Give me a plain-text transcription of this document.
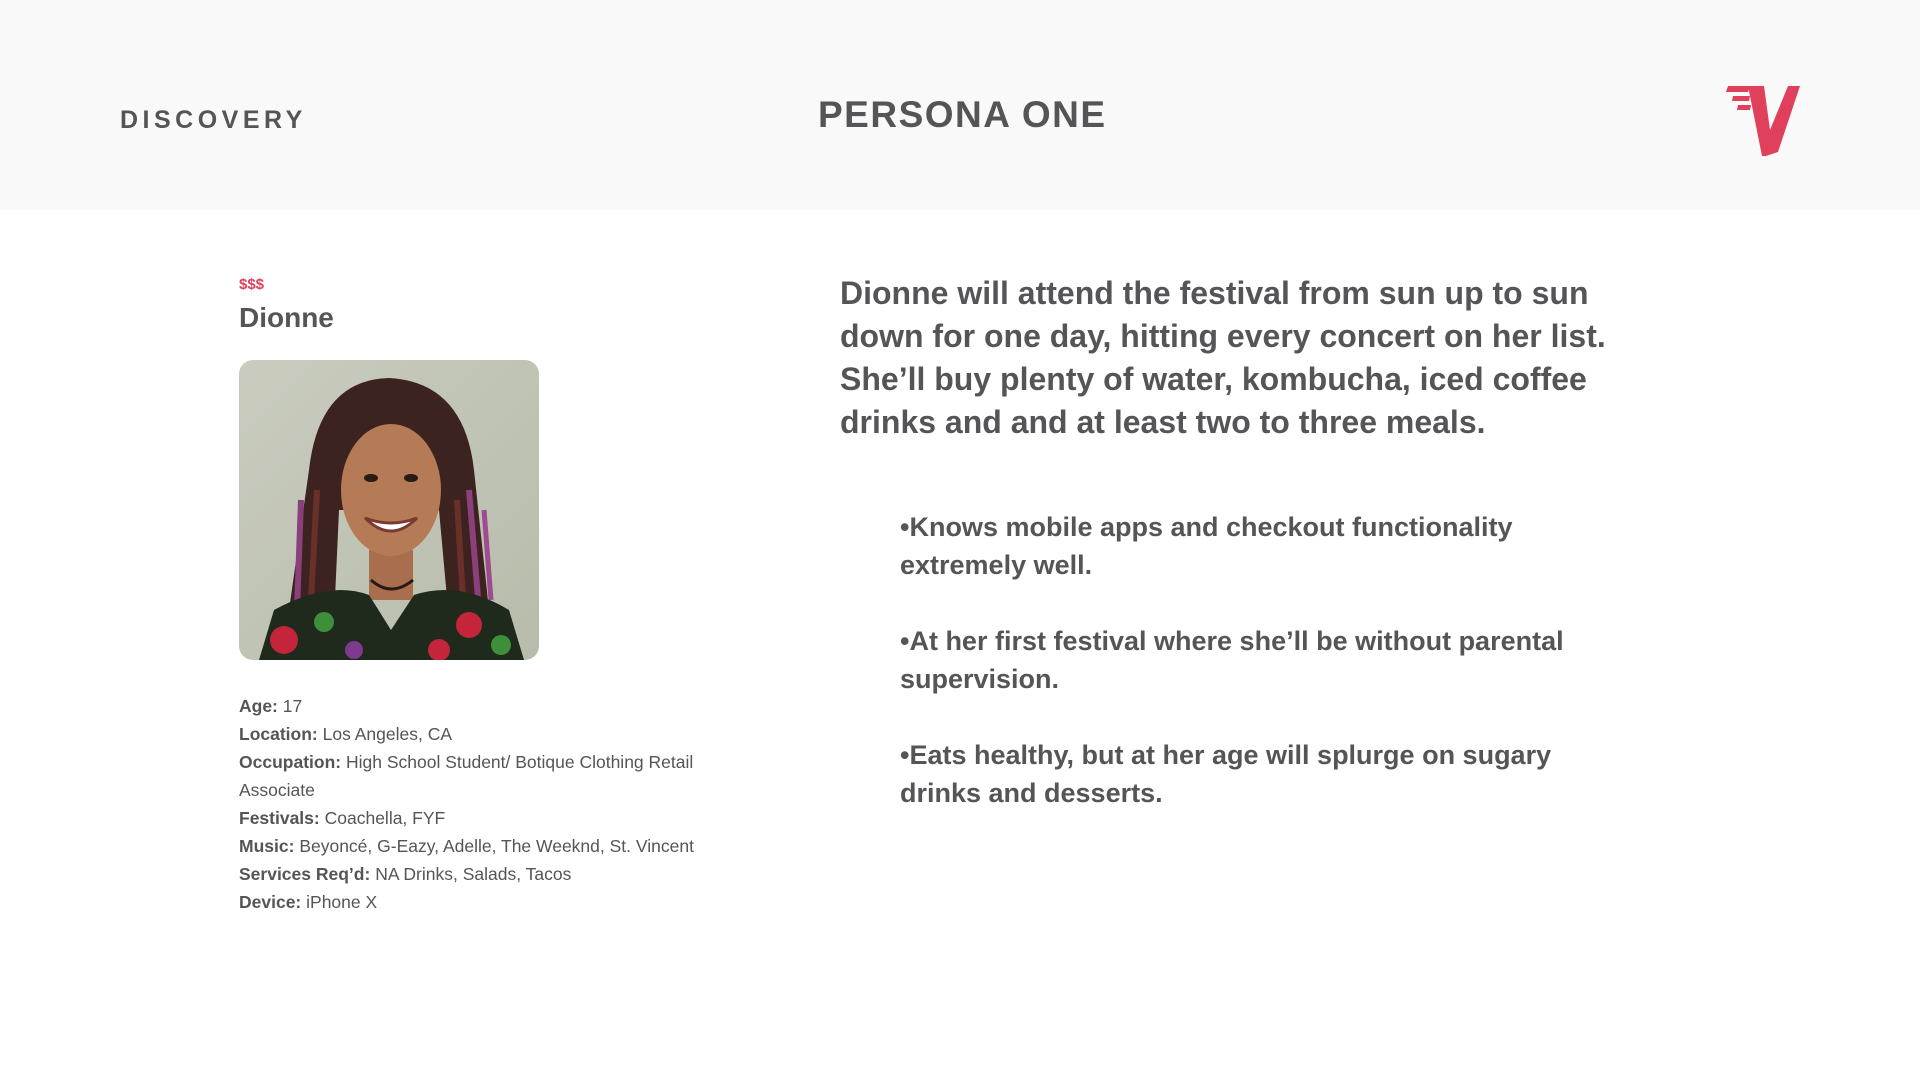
DISCOVERY	PERSONA ONE
$$$
Dionne
Age: 17
Location: Los Angeles, CA
Occupation: High School Student/ Botique Clothing Retail Associate
Festivals: Coachella, FYF
Music: Beyoncé, G-Eazy, Adelle, The Weeknd, St. Vincent
Services Req’d: NA Drinks, Salads, Tacos
Device: iPhone X
Dionne will attend the festival from sun up to sun down for one day, hitting every concert on her list. She’ll buy plenty of water, kombucha, iced coffee drinks and and at least two to three meals.

•Knows mobile apps and checkout functionality extremely well.

•At her first festival where she’ll be without parental supervision.

•Eats healthy, but at her age will splurge on sugary drinks and desserts.
